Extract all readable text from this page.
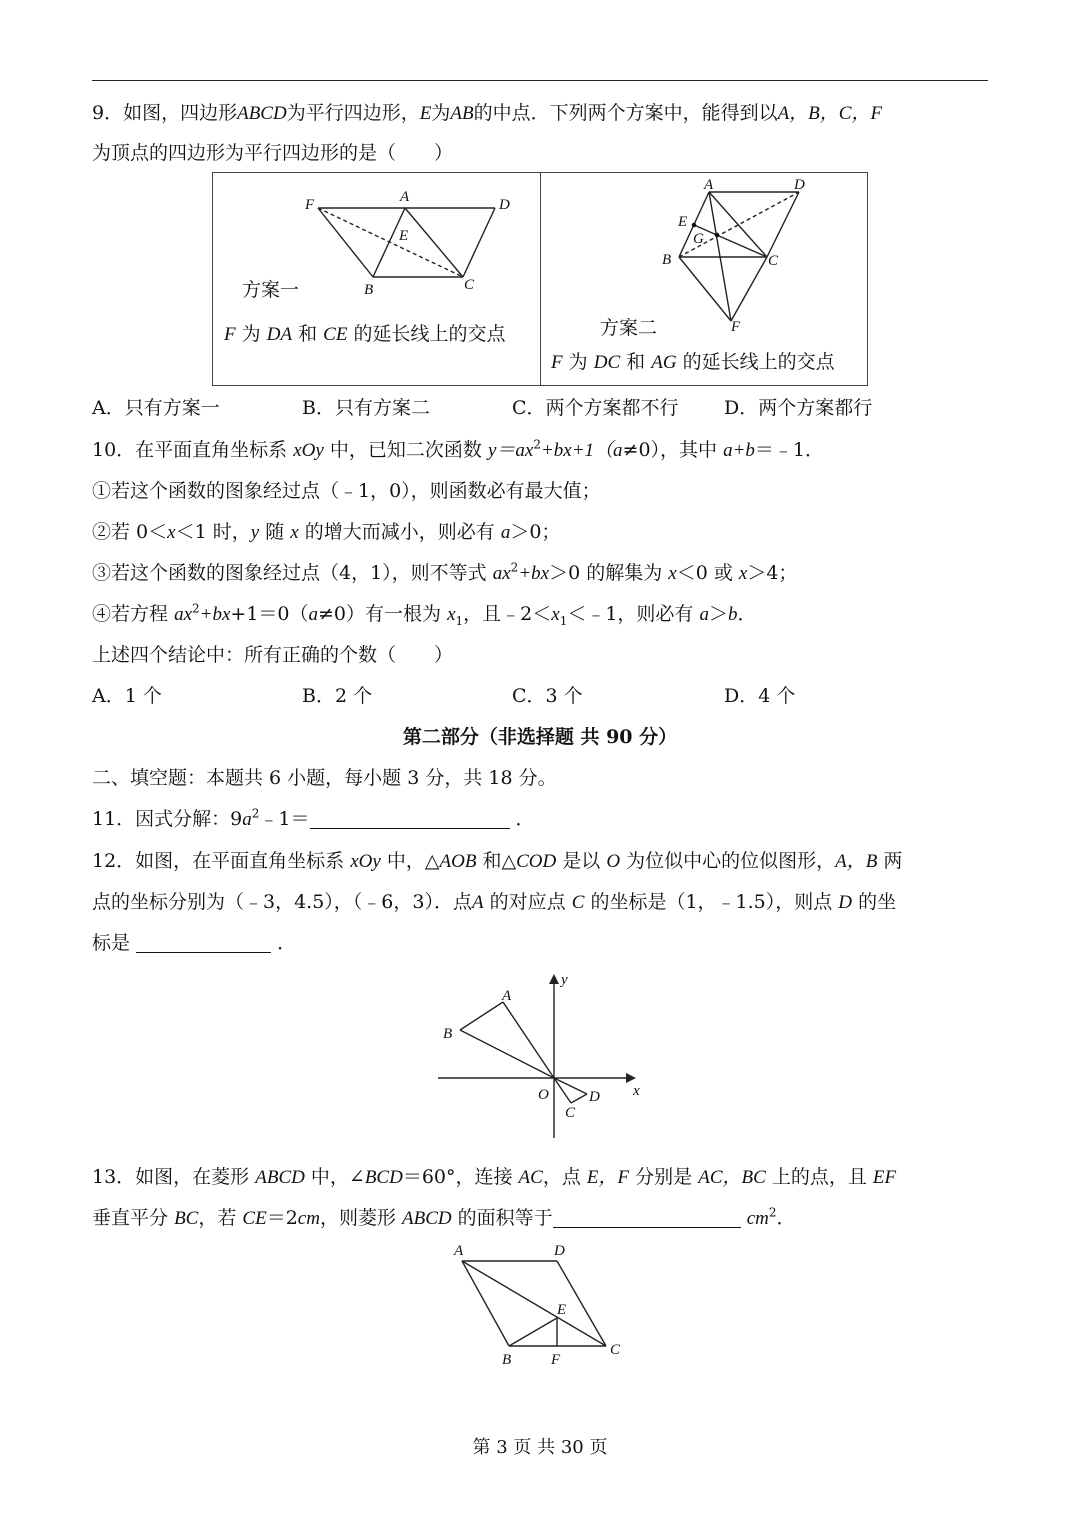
9．如图，四边形ABCD为平行四边形，E为AB的中点．下列两个方案中，能得到以A，B，C，F
为顶点的四边形为平行四边形的是（　　）
F	A	D
E
B	C
方案一
F 为 DA 和 CE 的延长线上的交点
A	D
E
G
B	C
F
方案二
F 为 DC 和 AG 的延长线上的交点
A．只有方案一	B．只有方案二	C．两个方案都不行 D．两个方案都行
10．在平面直角坐标系 xOy 中，已知二次函数 $y=ax^2+bx+1(a\ne 0)$，其中 a+b＝﹣1．
①若这个函数的图象经过点（﹣1，0），则函数必有最大值；
②若 0＜x＜1 时，y 随 x 的增大而减小，则必有 a＞0；
③若这个函数的图象经过点（4，1），则不等式 $ax^2+bx>0$ 的解集为 x＜0 或 x＞4；
④若方程 $ax^2+bx+1=0(a\ne 0)$有一根为 $x_1$，且$﹣2<x_1<﹣1$，则必有 a＞b．
上述四个结论中：所有正确的个数（　　）
A．1 个	B．2 个	C．3 个	D．4 个
第二部分（非选择题 共 90 分）
二、填空题：本题共 6 小题，每小题 3 分，共 18 分。
11．因式分解：$9a^2﹣1=$	．
12．如图，在平面直角坐标系 xOy 中，△AOB 和△COD 是以 O 为位似中心的位似图形，A，B 两
点的坐标分别为（﹣3，4.5），（﹣6，3）．点A 的对应点 C 的坐标是（1，﹣1.5），则点 D 的坐
标是	．
A
B
O
C
D x
y
13．如图，在菱形 ABCD 中，∠BCD＝60°，连接 AC，点 E，F 分别是 AC，BC 上的点，且 EF
垂直平分 BC，若 CE＝2cm，则菱形 ABCD 的面积等于	$cm^2$．
A	D
E
B	F
C
第 3 页 共 30 页
